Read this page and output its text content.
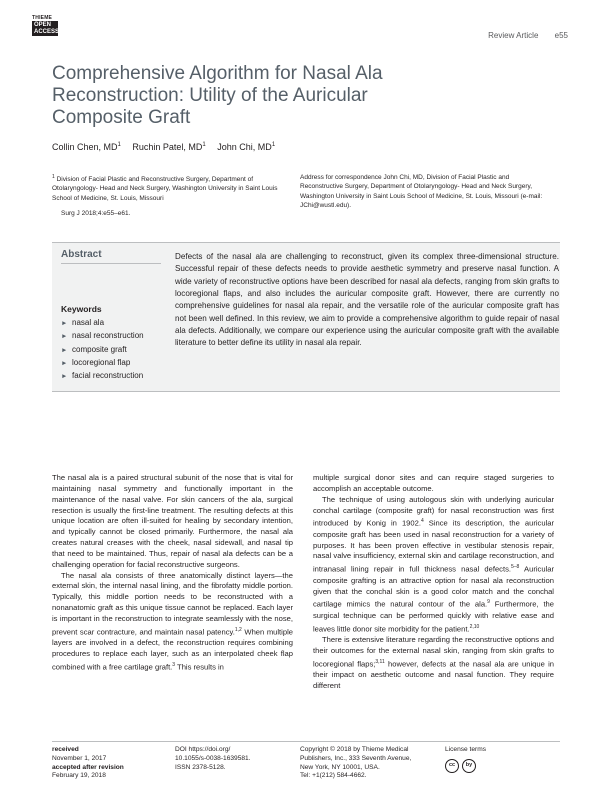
THIEME
OPEN
ACCESS	Review Article e55
Comprehensive Algorithm for Nasal Ala Reconstruction: Utility of the Auricular Composite Graft
Collin Chen, $MD^1$ Ruchin Patel, $MD^1$ John Chi, $MD^1$
$^1$ Division of Facial Plastic and Reconstructive Surgery, Department of Otolaryngology- Head and Neck Surgery, Washington University in Saint Louis School of Medicine, St. Louis, Missouri
Address for correspondence John Chi, MD, Division of Facial Plastic and Reconstructive Surgery, Department of Otolaryngology- Head and Neck Surgery, Washington University in Saint Louis School of Medicine, St. Louis, Missouri (e-mail: JChi@wustl.edu).
Surg J 2018;4:e55–e61.
Abstract	Defects of the nasal ala are challenging to reconstruct, given its complex three-dimensional structure. Successful repair of these defects needs to provide aesthetic symmetry and preserve nasal function. A wide variety of reconstructive options have been described for nasal ala defects, ranging from skin grafts to locoregional flaps, and also includes the auricular composite graft. However, there are currently no comprehensive guidelines for nasal ala repair, and the versatile role of the auricular composite graft has not been well defined. In this review, we aim to provide a comprehensive algorithm to guide repair of nasal ala defects. Additionally, we compare our experience using the auricular composite graft with the available literature to better define its utility in nasal ala repair.
Keywords
► nasal ala
► nasal reconstruction
► composite graft
► locoregional flap
► facial reconstruction

The nasal ala is a paired structural subunit of the nose that is vital for maintaining nasal symmetry and functionally important in the maintenance of the nasal valve. For skin cancers of the ala, surgical resection is usually the first-line treatment. The resulting defects at this unique location are often ill-suited for healing by secondary intention, and typically cannot be closed primarily. Furthermore, the nasal ala creates natural creases with the cheek, nasal sidewall, and nasal tip that need to be maintained. Thus, repair of nasal ala defects can be a challenging operation for facial reconstructive surgeons.

The nasal ala consists of three anatomically distinct layers—the external skin, the internal nasal lining, and the fibrofatty middle portion. Typically, this middle portion needs to be reconstructed with a nonanatomic graft as this unique tissue cannot be replaced. Each layer is important in the reconstruction to integrate seamlessly with the nose, prevent scar contracture, and maintain nasal patency.$^{1,2}$ When multiple layers are involved in a defect, the reconstruction requires combining procedures to replace each layer, such as an interpolated cheek flap combined with a free cartilage graft.$^3$ This results in

multiple surgical donor sites and can require staged surgeries to accomplish an acceptable outcome.

The technique of using autologous skin with underlying auricular conchal cartilage (composite graft) for nasal reconstruction was first introduced by Konig in 1902.$^4$ Since its description, the auricular composite graft has been used in nasal reconstruction for a variety of purposes. It has been proven effective in vestibular stenosis repair, nasal valve insufficiency, external skin and cartilage reconstruction, and intranasal lining repair in full thickness nasal defects.$^{5-8}$ Auricular composite grafting is an attractive option for nasal ala reconstruction given that the conchal skin is a good color match and the conchal cartilage mimics the natural contour of the ala.$^9$ Furthermore, the surgical technique can be performed quickly with relative ease and leaves little donor site morbidity for the patient.$^{2,10}$

There is extensive literature regarding the reconstructive options and their outcomes for the external nasal skin, ranging from skin grafts to locoregional flaps;$^{3,11}$ however, defects at the nasal ala are unique in their impact on aesthetic outcome and nasal function. They require different

received
November 1, 2017
accepted after revision
February 19, 2018
DOI https://doi.org/
10.1055/s-0038-1639581.
ISSN 2378-5128.
Copyright © 2018 by Thieme Medical
Publishers, Inc., 333 Seventh Avenue,
New York, NY 10001, USA.
Tel: +1(212) 584-4662.
License terms
cc	by
